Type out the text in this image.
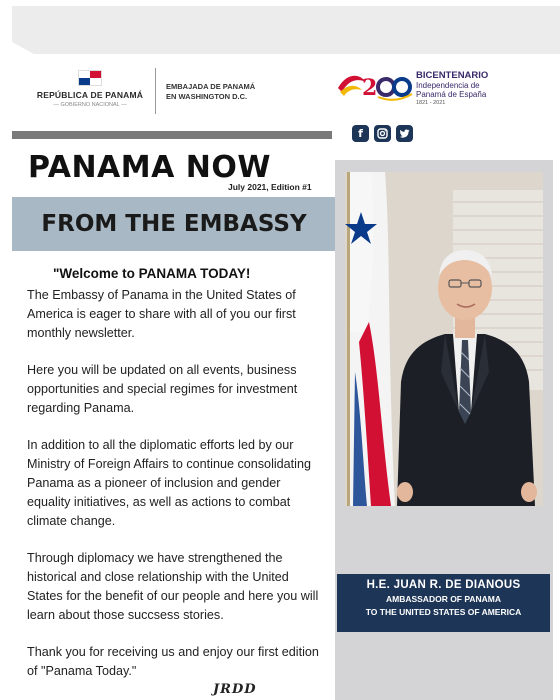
REPÚBLICA DE PANAMÁ
— GOBIERNO NACIONAL —
EMBAJADA DE PANAMÁ
EN WASHINGTON D.C.	2	BICENTENARIO
Independencia de
Panamá de España
1821 - 2021
f
PANAMA NOW
July 2021, Edition #1
FROM THE EMBASSY
"Welcome to PANAMA TODAY!

The Embassy of Panama in the United States of America is eager to share with all of you our first monthly newsletter.

Here you will be updated on all events, business opportunities and special regimes for investment regarding Panama.

In addition to all the diplomatic efforts led by our Ministry of Foreign Affairs to continue consolidating Panama as a pioneer of inclusion and gender equality initiatives, as well as actions to combat climate change.

Through diplomacy we have strengthened the historical and close relationship with the United States for the benefit of our people and here you will learn about those succsess stories.

Thank you for receiving us and enjoy our first edition of "Panama Today."

JRDD
H.E. JUAN R. DE DIANOUS
AMBASSADOR OF PANAMA
TO THE UNITED STATES OF AMERICA
